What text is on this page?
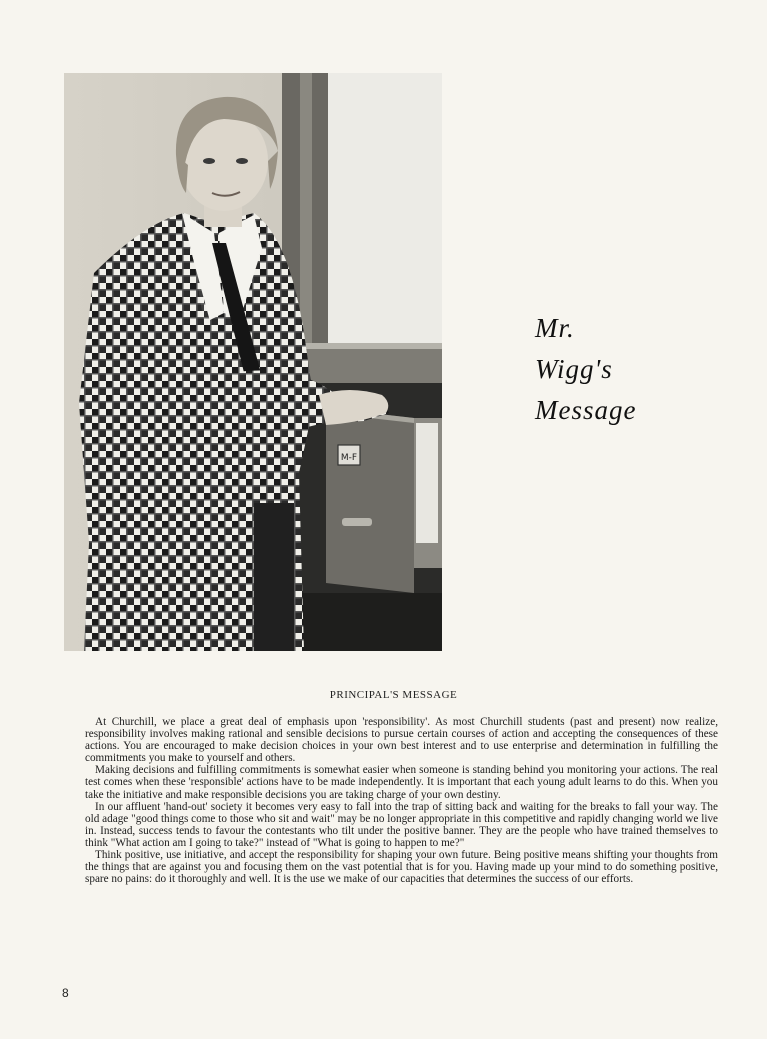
M-F
Mr.
Wigg's
Message
PRINCIPAL'S MESSAGE

At Churchill, we place a great deal of emphasis upon 'responsibility'. As most Churchill students (past and present) now realize, responsibility involves making rational and sensible decisions to pursue certain courses of action and accepting the consequences of these actions. You are encouraged to make decision choices in your own best interest and to use enterprise and determination in fulfilling the commitments you make to yourself and others.

Making decisions and fulfilling commitments is somewhat easier when someone is standing behind you monitoring your actions. The real test comes when these 'responsible' actions have to be made independently. It is important that each young adult learns to do this. When you take the initiative and make responsible decisions you are taking charge of your own destiny.

In our affluent 'hand-out' society it becomes very easy to fall into the trap of sitting back and waiting for the breaks to fall your way. The old adage "good things come to those who sit and wait" may be no longer appropriate in this competitive and rapidly changing world we live in. Instead, success tends to favour the contestants who tilt under the positive banner. They are the people who have trained themselves to think "What action am I going to take?" instead of "What is going to happen to me?"

Think positive, use initiative, and accept the responsibility for shaping your own future. Being positive means shifting your thoughts from the things that are against you and focusing them on the vast potential that is for you. Having made up your mind to do something positive, spare no pains: do it thoroughly and well. It is the use we make of our capacities that determines the success of our efforts.

8
